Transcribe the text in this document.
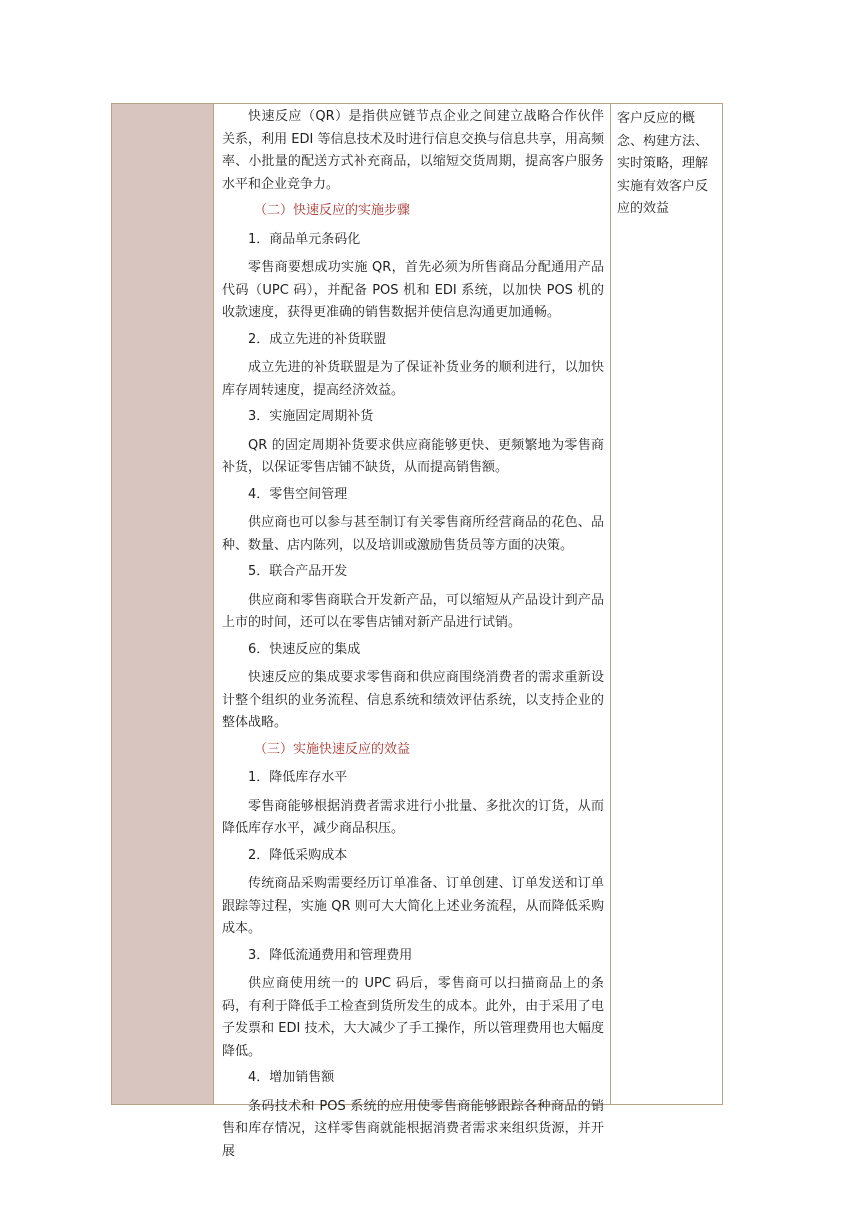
快速反应（QR）是指供应链节点企业之间建立战略合作伙伴关系，利用 EDI 等信息技术及时进行信息交换与信息共享，用高频率、小批量的配送方式补充商品，以缩短交货周期，提高客户服务水平和企业竞争力。
（二）快速反应的实施步骤
1．商品单元条码化
零售商要想成功实施 QR，首先必须为所售商品分配通用产品代码（UPC 码），并配备 POS 机和 EDI 系统，以加快 POS 机的收款速度，获得更准确的销售数据并使信息沟通更加通畅。
2．成立先进的补货联盟
成立先进的补货联盟是为了保证补货业务的顺利进行，以加快库存周转速度，提高经济效益。
3．实施固定周期补货
QR 的固定周期补货要求供应商能够更快、更频繁地为零售商补货，以保证零售店铺不缺货，从而提高销售额。
4．零售空间管理
供应商也可以参与甚至制订有关零售商所经营商品的花色、品种、数量、店内陈列，以及培训或激励售货员等方面的决策。
5．联合产品开发
供应商和零售商联合开发新产品，可以缩短从产品设计到产品上市的时间，还可以在零售店铺对新产品进行试销。
6．快速反应的集成
快速反应的集成要求零售商和供应商围绕消费者的需求重新设计整个组织的业务流程、信息系统和绩效评估系统，以支持企业的整体战略。
（三）实施快速反应的效益
1．降低库存水平
零售商能够根据消费者需求进行小批量、多批次的订货，从而降低库存水平，减少商品积压。
2．降低采购成本
传统商品采购需要经历订单准备、订单创建、订单发送和订单跟踪等过程，实施 QR 则可大大简化上述业务流程，从而降低采购成本。
3．降低流通费用和管理费用
供应商使用统一的 UPC 码后，零售商可以扫描商品上的条码，有利于降低手工检查到货所发生的成本。此外，由于采用了电子发票和 EDI 技术，大大减少了手工操作，所以管理费用也大幅度降低。
4．增加销售额
条码技术和 POS 系统的应用使零售商能够跟踪各种商品的销售和库存情况，这样零售商就能根据消费者需求来组织货源，并开展
客户反应的概念、构建方法、实时策略，理解实施有效客户反应的效益
